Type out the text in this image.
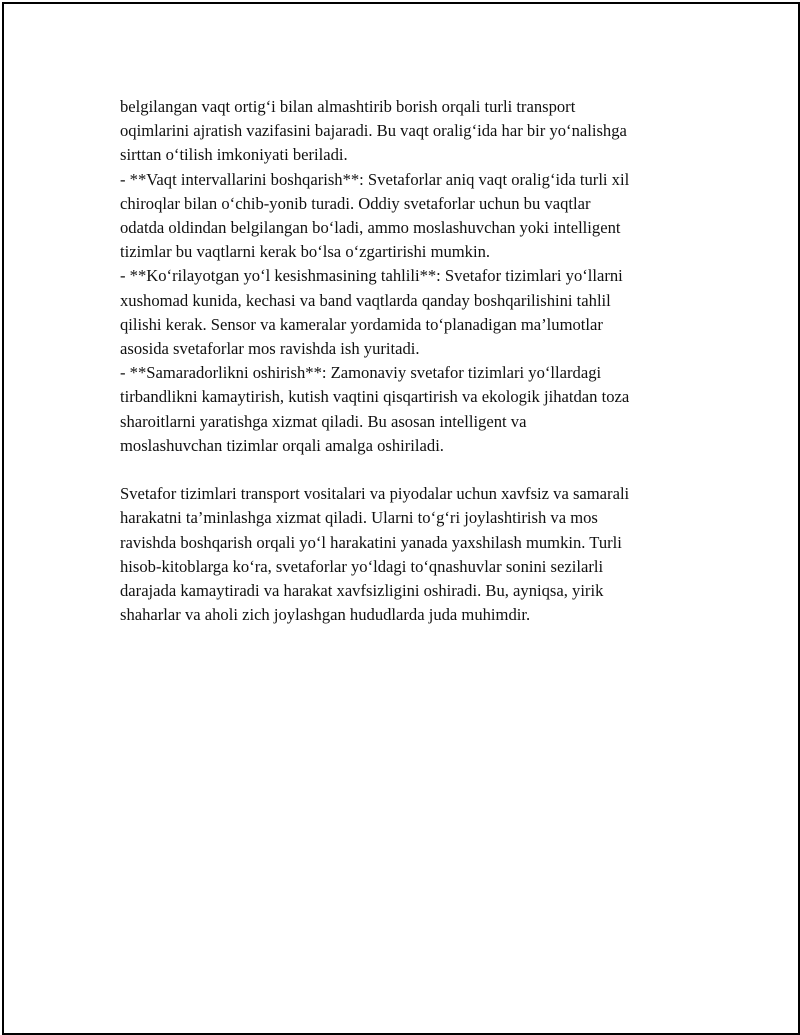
belgilangan vaqt ortig‘i bilan almashtirib borish orqali turli transport
oqimlarini ajratish vazifasini bajaradi. Bu vaqt oralig‘ida har bir yo‘nalishga
sirttan o‘tilish imkoniyati beriladi.
- **Vaqt intervallarini boshqarish**: Svetaforlar aniq vaqt oralig‘ida turli xil
chiroqlar bilan o‘chib-yonib turadi. Oddiy svetaforlar uchun bu vaqtlar
odatda oldindan belgilangan bo‘ladi, ammo moslashuvchan yoki intelligent
tizimlar bu vaqtlarni kerak bo‘lsa o‘zgartirishi mumkin.
- **Ko‘rilayotgan yo‘l kesishmasining tahlili**: Svetafor tizimlari yo‘llarni
xushomad kunida, kechasi va band vaqtlarda qanday boshqarilishini tahlil
qilishi kerak. Sensor va kameralar yordamida to‘planadigan ma’lumotlar
asosida svetaforlar mos ravishda ish yuritadi.
- **Samaradorlikni oshirish**: Zamonaviy svetafor tizimlari yo‘llardagi
tirbandlikni kamaytirish, kutish vaqtini qisqartirish va ekologik jihatdan toza
sharoitlarni yaratishga xizmat qiladi. Bu asosan intelligent va
moslashuvchan tizimlar orqali amalga oshiriladi.
Svetafor tizimlari transport vositalari va piyodalar uchun xavfsiz va samarali
harakatni ta’minlashga xizmat qiladi. Ularni to‘g‘ri joylashtirish va mos
ravishda boshqarish orqali yo‘l harakatini yanada yaxshilash mumkin. Turli
hisob-kitoblarga ko‘ra, svetaforlar yo‘ldagi to‘qnashuvlar sonini sezilarli
darajada kamaytiradi va harakat xavfsizligini oshiradi. Bu, ayniqsa, yirik
shaharlar va aholi zich joylashgan hududlarda juda muhimdir.
